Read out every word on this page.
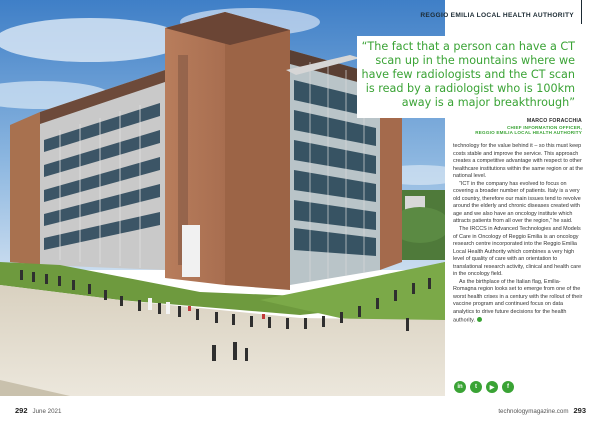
REGGIO EMILIA LOCAL HEALTH AUTHORITY
“The fact that a person can have a CT scan up in the mountains where we have few radiologists and the CT scan is read by a radiologist who is 100km away is a major breakthrough”
MARCO FORACCHIA
CHIEF INFORMATION OFFICER,
REGGIO EMILIA LOCAL HEALTH AUTHORITY

technology for the value behind it – so this must keep costs stable and improve the service. This approach creates a competitive advantage with respect to other healthcare institutions within the same region or at the national level.

“ICT in the company has evolved to focus on covering a broader number of patients. Italy is a very old country, therefore our main issues tend to revolve around the elderly and chronic diseases created with age and we also have an oncology institute which attracts patients from all over the region,” he said.

The IRCCS in Advanced Technologies and Models of Care in Oncology of Reggio Emilia is an oncology research centre incorporated into the Reggio Emilia Local Health Authority which combines a very high level of quality of care with an orientation to translational research activity, clinical and health care in the oncology field.

As the birthplace of the Italian flag, Emilia-Romagna region looks set to emerge from one of the worst health crises in a century with the rollout of their vaccine program and continued focus on data analytics to drive future decisions for the health authority.

in	t	▶	f
292 June 2021	technologymagazine.com 293
